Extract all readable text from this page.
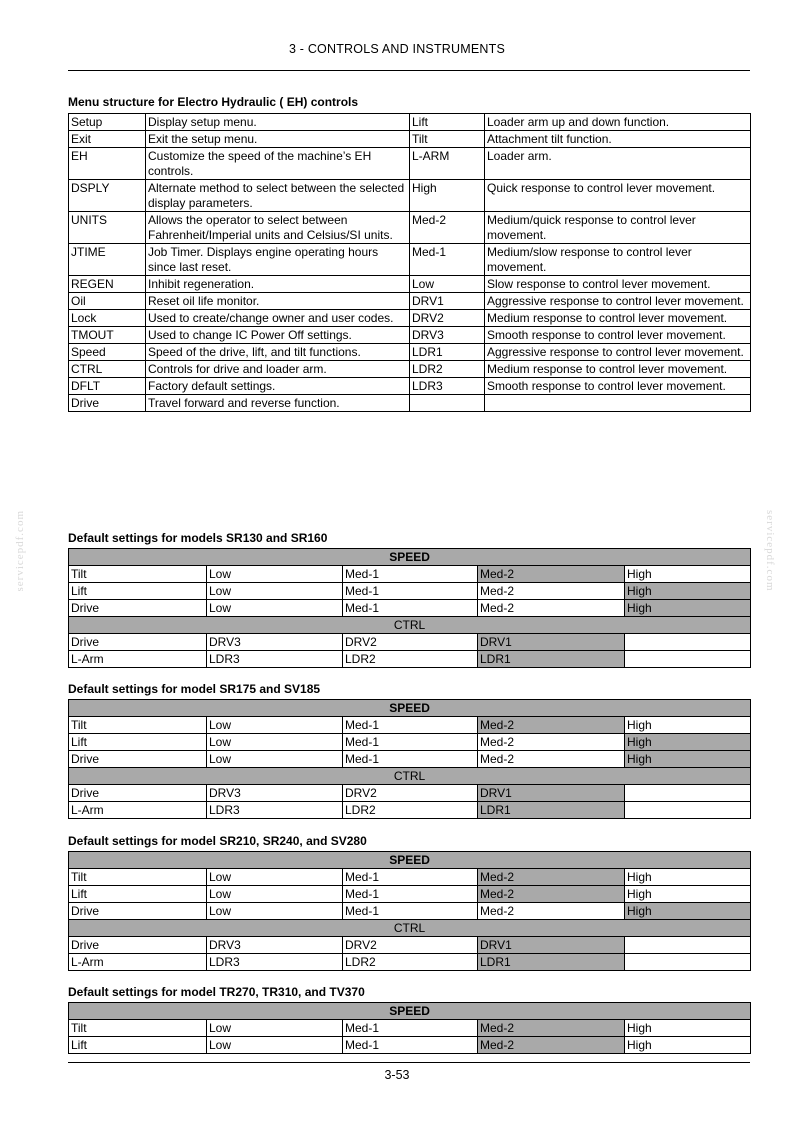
3 - CONTROLS AND INSTRUMENTS
servicepdf.com	servicepdf.com
Menu structure for Electro Hydraulic ( EH) controls
Setup	Display setup menu.	Lift	Loader arm up and down function.
Exit	Exit the setup menu.	Tilt	Attachment tilt function.
EH	Customize the speed of the machine’s EH controls.	L-ARM	Loader arm.
DSPLY	Alternate method to select between the selected display parameters.	High	Quick response to control lever movement.
UNITS	Allows the operator to select between Fahrenheit/Imperial units and Celsius/SI units.	Med-2	Medium/quick response to control lever movement.
JTIME	Job Timer. Displays engine operating hours since last reset.	Med-1	Medium/slow response to control lever movement.
REGEN	Inhibit regeneration.	Low	Slow response to control lever movement.
Oil	Reset oil life monitor.	DRV1	Aggressive response to control lever movement.
Lock	Used to create/change owner and user codes.	DRV2	Medium response to control lever movement.
TMOUT	Used to change IC Power Off settings.	DRV3	Smooth response to control lever movement.
Speed	Speed of the drive, lift, and tilt functions.	LDR1	Aggressive response to control lever movement.
CTRL	Controls for drive and loader arm.	LDR2	Medium response to control lever movement.
DFLT	Factory default settings.	LDR3	Smooth response to control lever movement.
Drive	Travel forward and reverse function.		
Default settings for models SR130 and SR160
SPEED				
Tilt	Low	Med-1	Med-2	High
Lift	Low	Med-1	Med-2	High
Drive	Low	Med-1	Med-2	High
CTRL				
Drive	DRV3	DRV2	DRV1	
L-Arm	LDR3	LDR2	LDR1	
Default settings for model SR175 and SV185
SPEED				
Tilt	Low	Med-1	Med-2	High
Lift	Low	Med-1	Med-2	High
Drive	Low	Med-1	Med-2	High
CTRL				
Drive	DRV3	DRV2	DRV1	
L-Arm	LDR3	LDR2	LDR1	
Default settings for model SR210, SR240, and SV280
SPEED				
Tilt	Low	Med-1	Med-2	High
Lift	Low	Med-1	Med-2	High
Drive	Low	Med-1	Med-2	High
CTRL				
Drive	DRV3	DRV2	DRV1	
L-Arm	LDR3	LDR2	LDR1	
Default settings for model TR270, TR310, and TV370
SPEED				
Tilt	Low	Med-1	Med-2	High
Lift	Low	Med-1	Med-2	High
3-53
